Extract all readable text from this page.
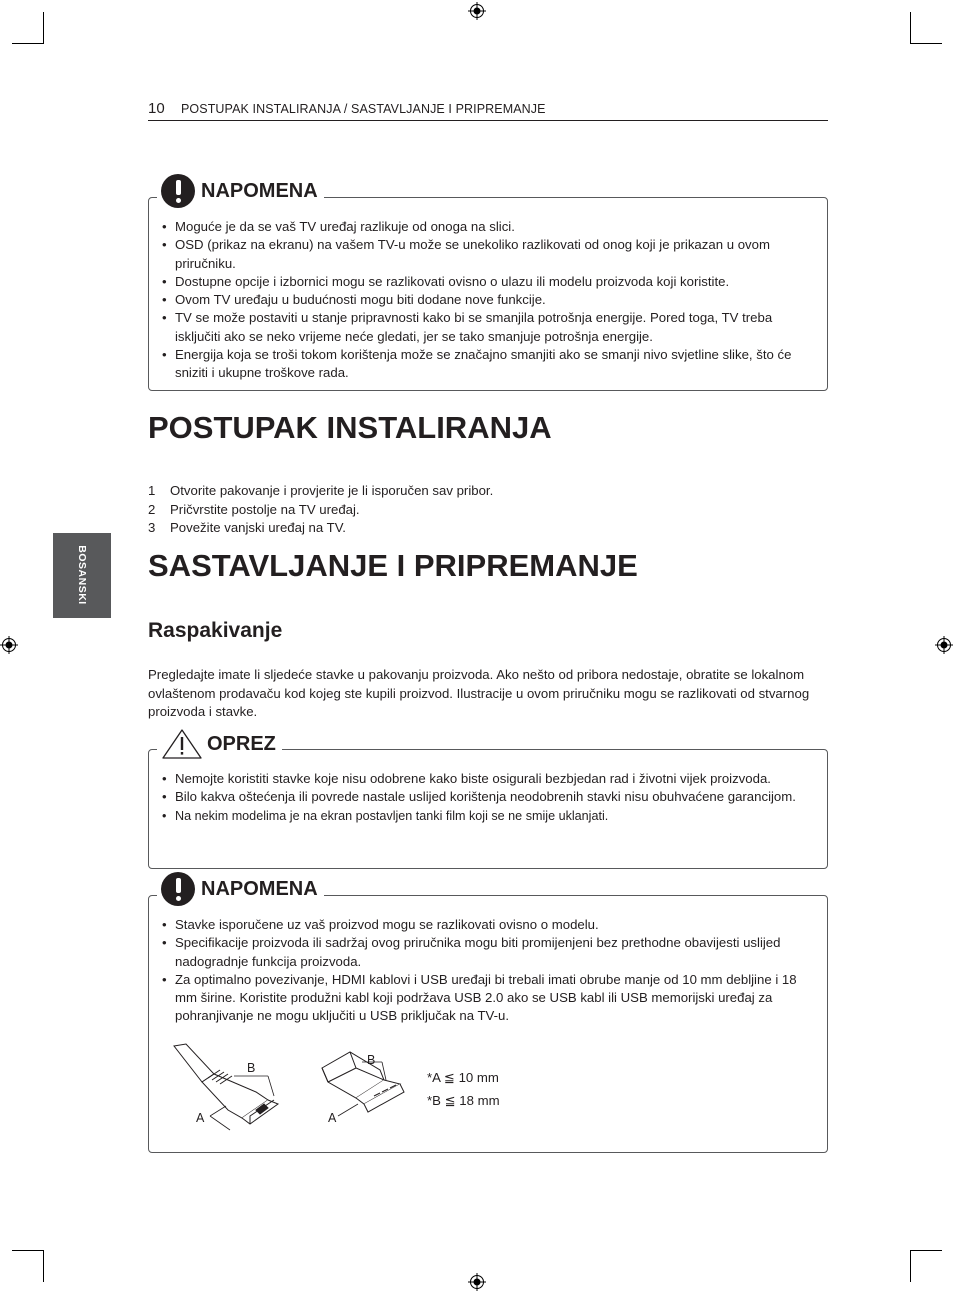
10 POSTUPAK INSTALIRANJA / SASTAVLJANJE I PRIPREMANJE
BOSANSKI
NAPOMENA
• Moguće je da se vaš TV uređaj razlikuje od onoga na slici.
• OSD (prikaz na ekranu) na vašem TV-u može se unekoliko razlikovati od onog koji je prikazan u ovom priručniku.
• Dostupne opcije i izbornici mogu se razlikovati ovisno o ulazu ili modelu proizvoda koji koristite.
• Ovom TV uređaju u budućnosti mogu biti dodane nove funkcije.
• TV se može postaviti u stanje pripravnosti kako bi se smanjila potrošnja energije. Pored toga, TV treba isključiti ako se neko vrijeme neće gledati, jer se tako smanjuje potrošnja energije.
• Energija koja se troši tokom korištenja može se značajno smanjiti ako se smanji nivo svjetline slike, što će sniziti i ukupne troškove rada.
POSTUPAK INSTALIRANJA
1 Otvorite pakovanje i provjerite je li isporučen sav pribor.
2 Pričvrstite postolje na TV uređaj.
3 Povežite vanjski uređaj na TV.
SASTAVLJANJE I PRIPREMANJE
Raspakivanje

Pregledajte imate li sljedeće stavke u pakovanju proizvoda. Ako nešto od pribora nedostaje, obratite se lokalnom ovlaštenom prodavaču kod kojeg ste kupili proizvod. Ilustracije u ovom priručniku mogu se razlikovati od stvarnog proizvoda i stavke.

OPREZ
• Nemojte koristiti stavke koje nisu odobrene kako biste osigurali bezbjedan rad i životni vijek proizvoda.
• Bilo kakva oštećenja ili povrede nastale uslijed korištenja neodobrenih stavki nisu obuhvaćene garancijom.
• Na nekim modelima je na ekran postavljen tanki film koji se ne smije uklanjati.
NAPOMENA
• Stavke isporučene uz vaš proizvod mogu se razlikovati ovisno o modelu.
• Specifikacije proizvoda ili sadržaj ovog priručnika mogu biti promijenjeni bez prethodne obavijesti uslijed nadogradnje funkcija proizvoda.
• Za optimalno povezivanje, HDMI kablovi i USB uređaji bi trebali imati obrube manje od 10 mm debljine i 18 mm širine. Koristite produžni kabl koji podržava USB 2.0 ako se USB kabl ili USB memorijski uređaj za pohranjivanje ne mogu uključiti u USB priključak na TV-u.
B
A
B
A
*A ≦ 10 mm
*B ≦ 18 mm
